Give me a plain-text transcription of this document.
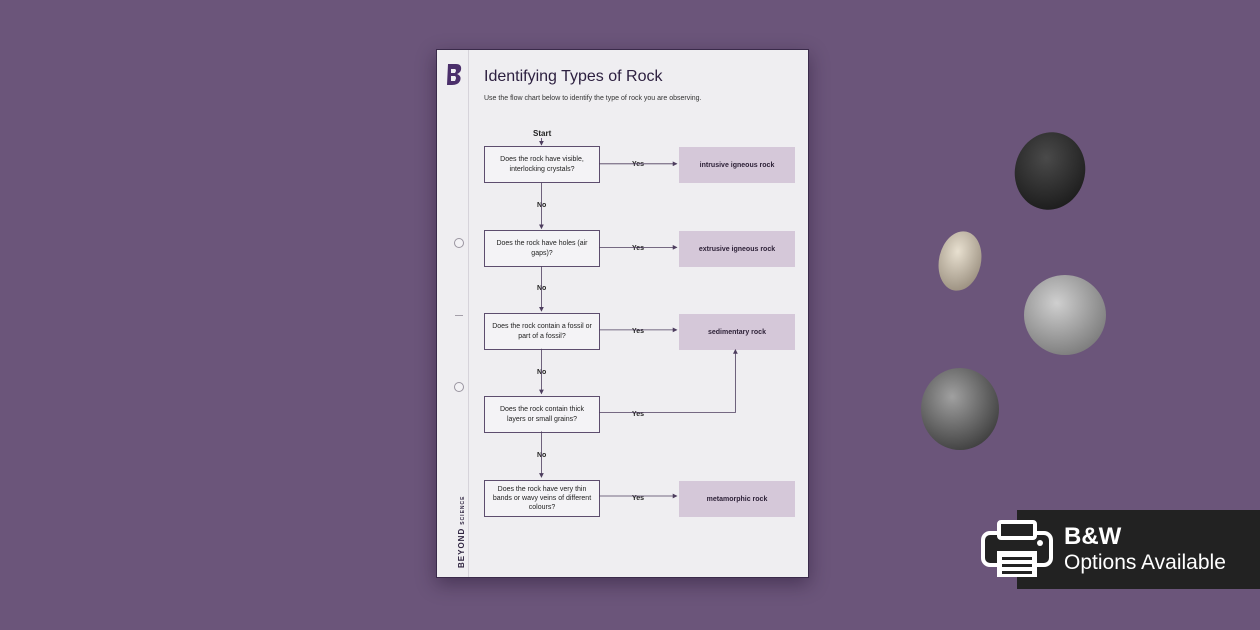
BEYONDSCIENCE
Identifying Types of Rock
Use the flow chart below to identify the type of rock you are observing.
Start
Does the rock have visible, interlocking crystals?
Does the rock have holes (air gaps)?
Does the rock contain a fossil or part of a fossil?
Does the rock contain thick layers or small grains?
Does the rock have very thin bands or wavy veins of different colours?
intrusive igneous rock
extrusive igneous rock
sedimentary rock
metamorphic rock
Yes
Yes
Yes
Yes
Yes
No
No
No
No
B&W
Options Available
